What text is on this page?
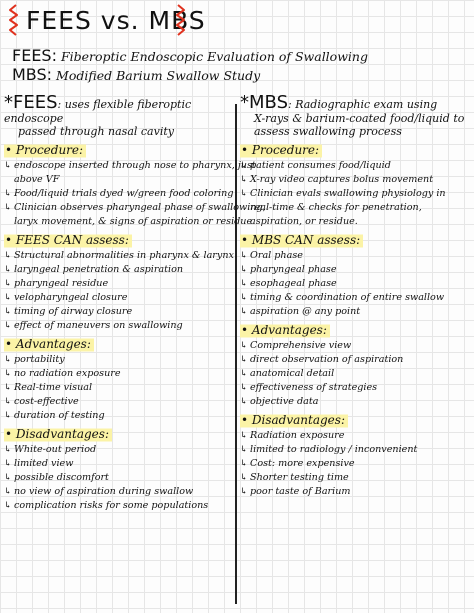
FEES vs. MBS
FEES: Fiberoptic Endoscopic Evaluation of Swallowing
MBS: Modified Barium Swallow Study
*FEES: uses flexible fiberoptic endoscope
passed through nasal cavity
• Procedure:
↳ endoscope inserted through nose to pharynx, just
above VF
↳ Food/liquid trials dyed w/green food coloring
↳ Clinician observes pharyngeal phase of swallowing,
laryx movement, & signs of aspiration or residue
• FEES CAN assess:
↳ Structural abnormalities in pharynx & larynx
↳ laryngeal penetration & aspiration
↳ pharyngeal residue
↳ velopharyngeal closure
↳ timing of airway closure
↳ effect of maneuvers on swallowing
• Advantages:
↳ portability
↳ no radiation exposure
↳ Real-time visual
↳ cost-effective
↳ duration of testing
• Disadvantages:
↳ White-out period
↳ limited view
↳ possible discomfort
↳ no view of aspiration during swallow
↳ complication risks for some populations
*MBS: Radiographic exam using
X-rays & barium-coated food/liquid to
assess swallowing process
• Procedure:
↳ patient consumes food/liquid
↳ X-ray video captures bolus movement
↳ Clinician evals swallowing physiology in
real-time & checks for penetration,
aspiration, or residue.
• MBS CAN assess:
↳ Oral phase
↳ pharyngeal phase
↳ esophageal phase
↳ timing & coordination of entire swallow
↳ aspiration @ any point
• Advantages:
↳ Comprehensive view
↳ direct observation of aspiration
↳ anatomical detail
↳ effectiveness of strategies
↳ objective data
• Disadvantages:
↳ Radiation exposure
↳ limited to radiology / inconvenient
↳ Cost: more expensive
↳ Shorter testing time
↳ poor taste of Barium
